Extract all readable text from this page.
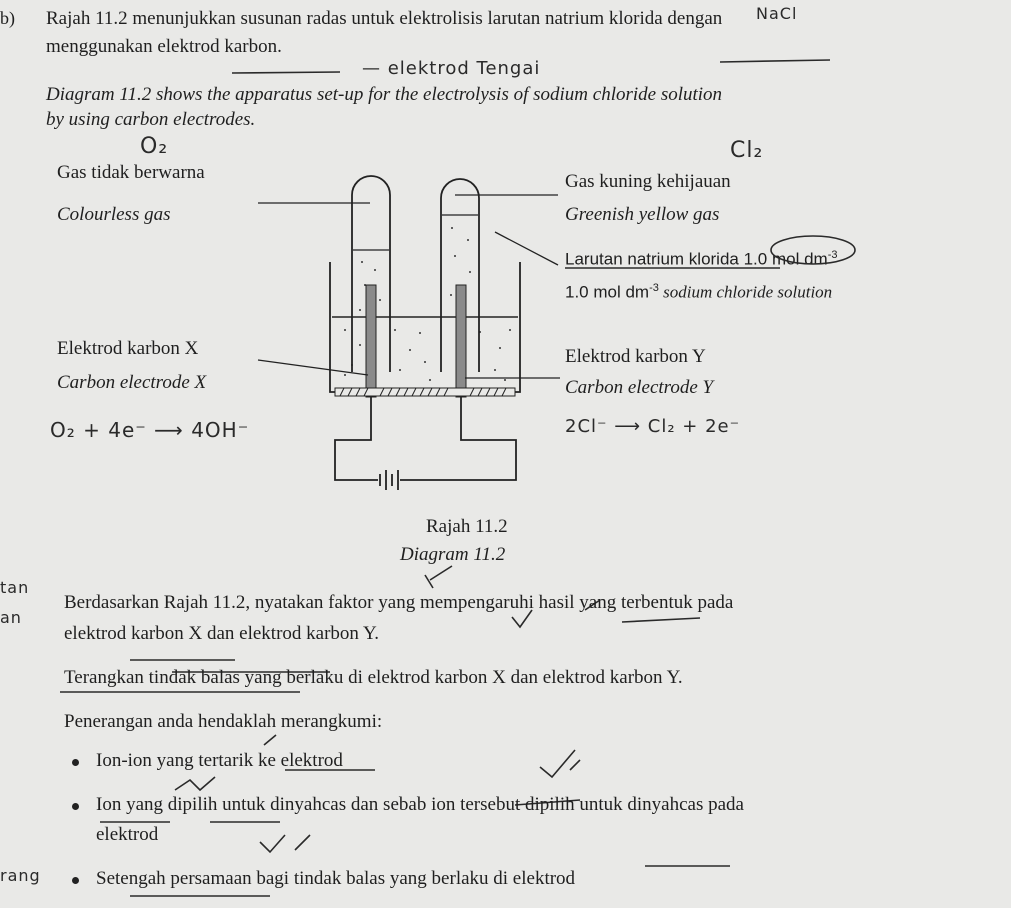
b) Rajah 11.2 menunjukkan susunan radas untuk elektrolisis larutan natrium klorida dengan
menggunakan elektrod karbon.
Diagram 11.2 shows the apparatus set-up for the electrolysis of sodium chloride solution
by using carbon electrodes.
NaCl
— elektrod Tengai
O₂	Cl₂
Gas tidak berwarna
Colourless gas
Elektrod karbon X
Carbon electrode X
O₂ + 4e⁻ ⟶ 4OH⁻
Gas kuning kehijauan
Greenish yellow gas
Larutan natrium klorida 1.0 mol $dm^{-3}$
1.0 mol $dm^{-3}$ sodium chloride solution
Elektrod karbon Y
Carbon electrode Y
2Cl⁻ ⟶ Cl₂ + 2e⁻
Rajah 11.2
Diagram 11.2
tan
an
rang
Berdasarkan Rajah 11.2, nyatakan faktor yang mempengaruhi hasil yang terbentuk pada
elektrod karbon X dan elektrod karbon Y.
Terangkan tindak balas yang berlaku di elektrod karbon X dan elektrod karbon Y.
Penerangan anda hendaklah merangkumi:
Ion-ion yang tertarik ke elektrod
Ion yang dipilih untuk dinyahcas dan sebab ion tersebut dipilih untuk dinyahcas pada
elektrod
Setengah persamaan bagi tindak balas yang berlaku di elektrod
